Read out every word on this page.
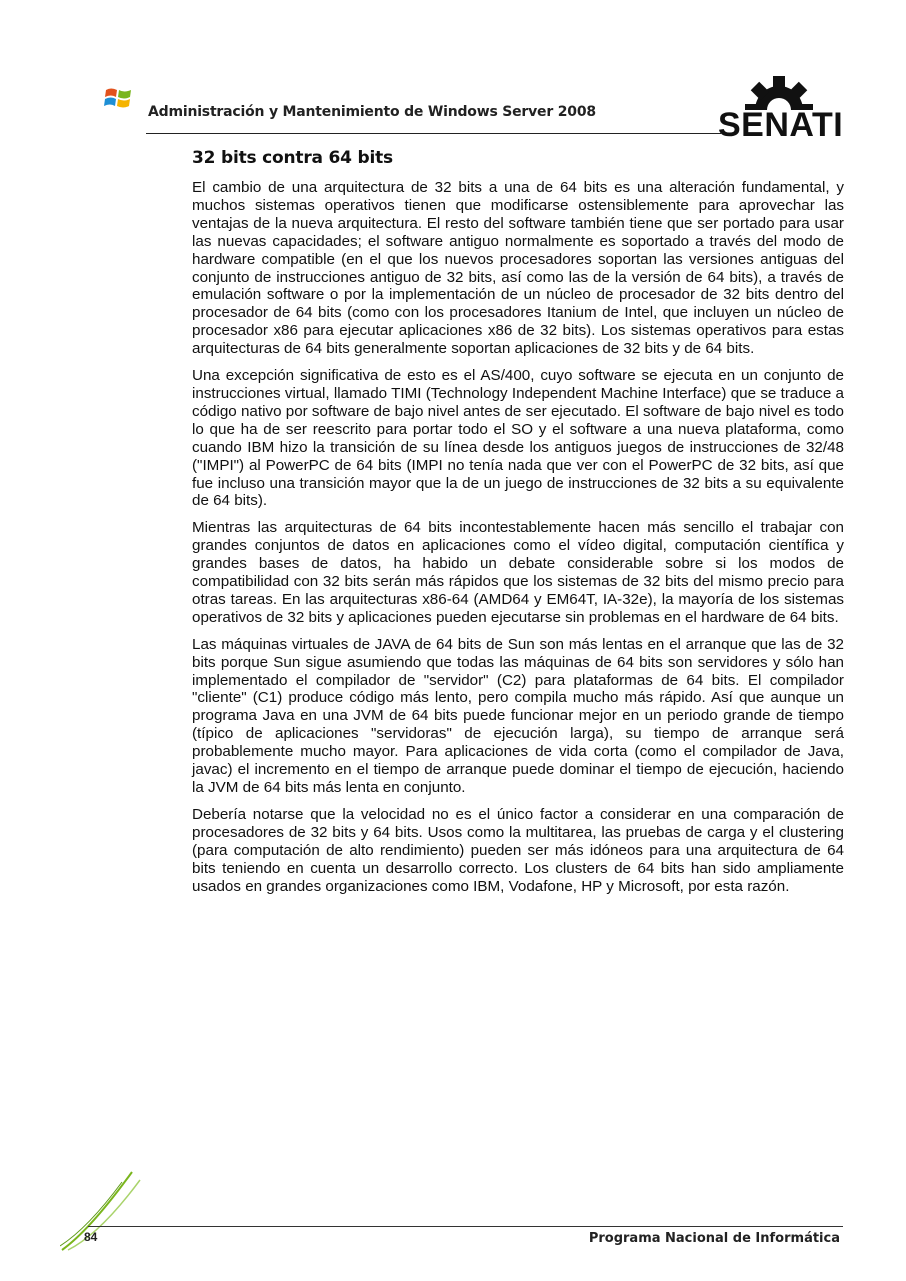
Administración y Mantenimiento de Windows Server 2008	SENATI
32 bits contra 64 bits

El cambio de una arquitectura de 32 bits a una de 64 bits es una alteración fundamental, y muchos sistemas operativos tienen que modificarse ostensiblemente para aprovechar las ventajas de la nueva arquitectura. El resto del software también tiene que ser portado para usar las nuevas capacidades; el software antiguo normalmente es soportado a través del modo de hardware compatible (en el que los nuevos procesadores soportan las versiones antiguas del conjunto de instrucciones antiguo de 32 bits, así como las de la versión de 64 bits), a través de emulación software o por la implementación de un núcleo de procesador de 32 bits dentro del procesador de 64 bits (como con los procesadores Itanium de Intel, que incluyen un núcleo de procesador x86 para ejecutar aplicaciones x86 de 32 bits). Los sistemas operativos para estas arquitecturas de 64 bits generalmente soportan aplicaciones de 32 bits y de 64 bits.

Una excepción significativa de esto es el AS/400, cuyo software se ejecuta en un conjunto de instrucciones virtual, llamado TIMI (Technology Independent Machine Interface) que se traduce a código nativo por software de bajo nivel antes de ser ejecutado. El software de bajo nivel es todo lo que ha de ser reescrito para portar todo el SO y el software a una nueva plataforma, como cuando IBM hizo la transición de su línea desde los antiguos juegos de instrucciones de 32/48 ("IMPI") al PowerPC de 64 bits (IMPI no tenía nada que ver con el PowerPC de 32 bits, así que fue incluso una transición mayor que la de un juego de instrucciones de 32 bits a su equivalente de 64 bits).

Mientras las arquitecturas de 64 bits incontestablemente hacen más sencillo el trabajar con grandes conjuntos de datos en aplicaciones como el vídeo digital, computación científica y grandes bases de datos, ha habido un debate considerable sobre si los modos de compatibilidad con 32 bits serán más rápidos que los sistemas de 32 bits del mismo precio para otras tareas. En las arquitecturas x86-64 (AMD64 y EM64T, IA-32e), la mayoría de los sistemas operativos de 32 bits y aplicaciones pueden ejecutarse sin problemas en el hardware de 64 bits.

Las máquinas virtuales de JAVA de 64 bits de Sun son más lentas en el arranque que las de 32 bits porque Sun sigue asumiendo que todas las máquinas de 64 bits son servidores y sólo han implementado el compilador de "servidor" (C2) para plataformas de 64 bits. El compilador "cliente" (C1) produce código más lento, pero compila mucho más rápido. Así que aunque un programa Java en una JVM de 64 bits puede funcionar mejor en un periodo grande de tiempo (típico de aplicaciones "servidoras" de ejecución larga), su tiempo de arranque será probablemente mucho mayor. Para aplicaciones de vida corta (como el compilador de Java, javac) el incremento en el tiempo de arranque puede dominar el tiempo de ejecución, haciendo la JVM de 64 bits más lenta en conjunto.

Debería notarse que la velocidad no es el único factor a considerar en una comparación de procesadores de 32 bits y 64 bits. Usos como la multitarea, las pruebas de carga y el clustering (para computación de alto rendimiento) pueden ser más idóneos para una arquitectura de 64 bits teniendo en cuenta un desarrollo correcto. Los clusters de 64 bits han sido ampliamente usados en grandes organizaciones como IBM, Vodafone, HP y Microsoft, por esta razón.

84	Programa Nacional de Informática
